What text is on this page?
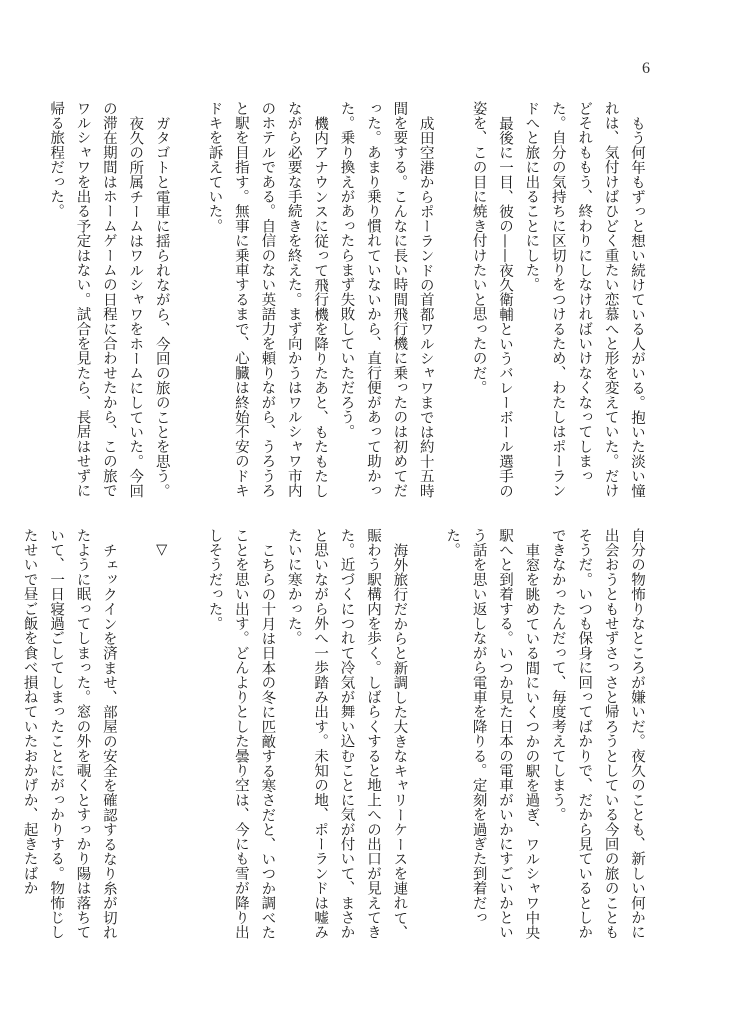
6

もう何年もずっと想い続けている人がいる。抱いた淡い憧れは、気付けばひどく重たい恋慕へと形を変えていた。だけどそれももう、終わりにしなければいけなくなってしまった。自分の気持ちに区切りをつけるため、わたしはポーランドへと旅に出ることにした。

最後に一目、彼の——夜久衛輔というバレーボール選手の姿を、この目に焼き付けたいと思ったのだ。

成田空港からポーランドの首都ワルシャワまでは約十五時間を要する。こんなに長い時間飛行機に乗ったのは初めてだった。あまり乗り慣れていないから、直行便があって助かった。乗り換えがあったらまず失敗していただろう。

機内アナウンスに従って飛行機を降りたあと、もたもたしながら必要な手続きを終えた。まず向かうはワルシャワ市内のホテルである。自信のない英語力を頼りながら、うろうろと駅を目指す。無事に乗車するまで、心臓は終始不安のドキドキを訴えていた。

ガタゴトと電車に揺られながら、今回の旅のことを思う。

夜久の所属チームはワルシャワをホームにしていた。今回の滞在期間はホームゲームの日程に合わせたから、この旅でワルシャワを出る予定はない。試合を見たら、長居はせずに帰る旅程だった。

自分の物怖りなところが嫌いだ。夜久のことも、新しい何かに出会おうともせずさっさと帰ろうとしている今回の旅のこともそうだ。いつも保身に回ってばかりで、だから見ているとしかできなかったんだって、毎度考えてしまう。

車窓を眺めている間にいくつかの駅を過ぎ、ワルシャワ中央駅へと到着する。いつか見た日本の電車がいかにすごいかという話を思い返しながら電車を降りる。定刻を過ぎた到着だった。

海外旅行だからと新調した大きなキャリーケースを連れて、賑わう駅構内を歩く。しばらくすると地上への出口が見えてきた。近づくにつれて冷気が舞い込むことに気が付いて、まさかと思いながら外へ一歩踏み出す。未知の地、ポーランドは嘘みたいに寒かった。

こちらの十月は日本の冬に匹敵する寒さだと、いつか調べたことを思い出す。どんよりとした曇り空は、今にも雪が降り出しそうだった。

▽

チェックインを済ませ、部屋の安全を確認するなり糸が切れたように眠ってしまった。窓の外を覗くとすっかり陽は落ちていて、一日寝過ごしてしまったことにがっかりする。物怖じしたせいで昼ご飯を食べ損ねていたおかげか、起きたばか
